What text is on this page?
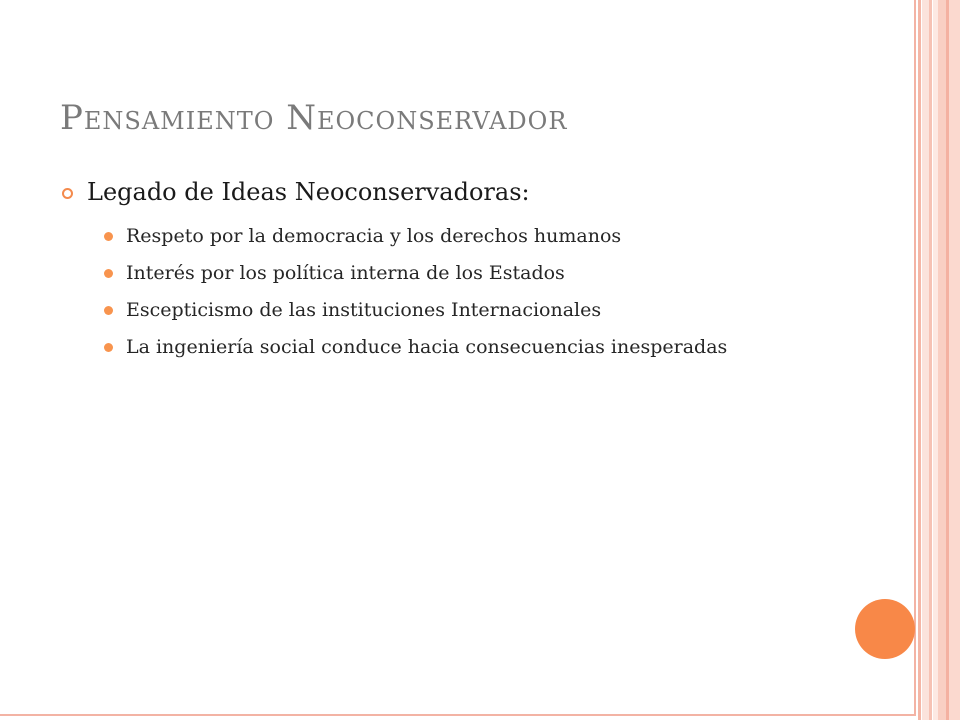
Pensamiento Neoconservador
Legado de Ideas Neoconservadoras:
Respeto por la democracia y los derechos humanos
Interés por los política interna de los Estados
Escepticismo de las instituciones Internacionales
La ingeniería social conduce hacia consecuencias inesperadas
